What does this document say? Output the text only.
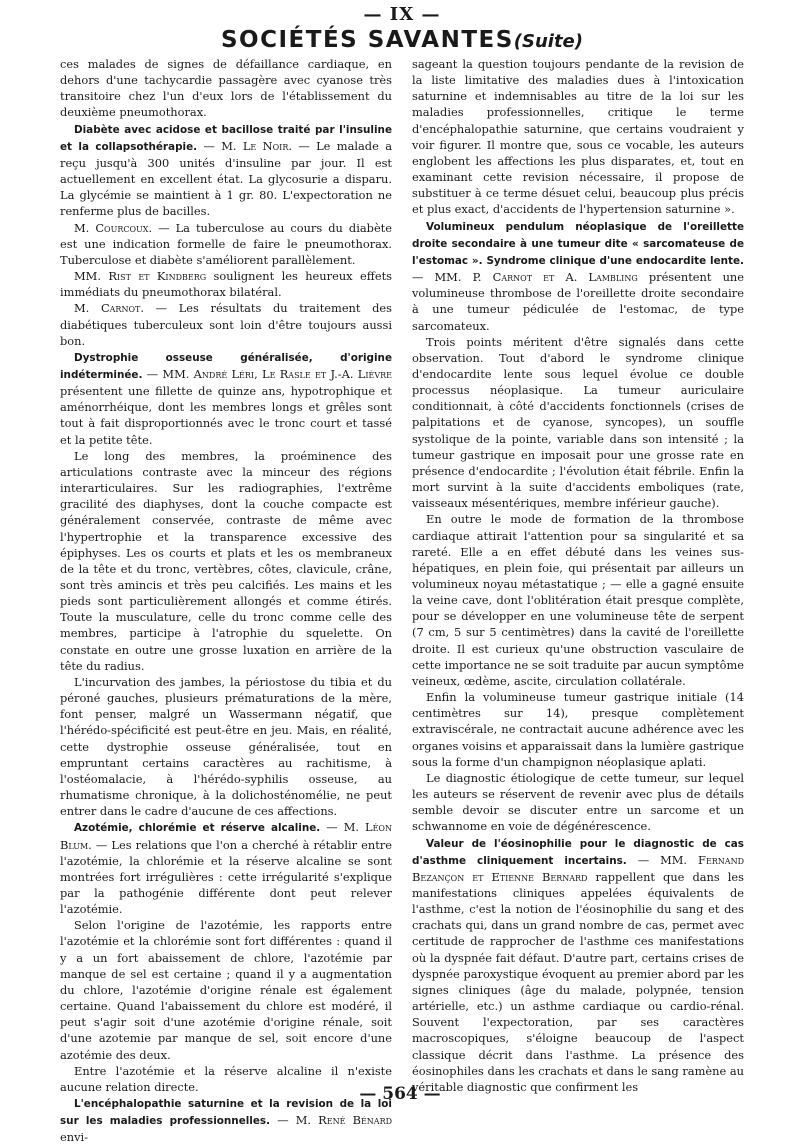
— IX —
SOCIÉTÉS SAVANTES(Suite)

ces malades de signes de défaillance cardiaque, en dehors d'une tachycardie passagère avec cyanose très transitoire chez l'un d'eux lors de l'établissement du deuxième pneumothorax.

Diabète avec acidose et bacillose traité par l'insuline et la collapsothérapie. — M. Le Noir. — Le malade a reçu jusqu'à 300 unités d'insuline par jour. Il est actuellement en excellent état. La glycosurie a disparu. La glycémie se maintient à 1 gr. 80. L'expectoration ne renferme plus de bacilles.

M. Courcoux. — La tuberculose au cours du diabète est une indication formelle de faire le pneumothorax. Tuberculose et diabète s'améliorent parallèlement.

MM. Rist et Kindberg soulignent les heureux effets immédiats du pneumothorax bilatéral.

M. Carnot. — Les résultats du traitement des diabétiques tuberculeux sont loin d'être toujours aussi bon.

Dystrophie osseuse généralisée, d'origine indéterminée. — MM. André Léri, Le Rasle et J.-A. Lièvre présentent une fillette de quinze ans, hypotrophique et aménorrhéique, dont les membres longs et grêles sont tout à fait disproportionnés avec le tronc court et tassé et la petite tête.

Le long des membres, la proéminence des articulations contraste avec la minceur des régions interarticulaires. Sur les radiographies, l'extrême gracilité des diaphyses, dont la couche compacte est généralement conservée, contraste de même avec l'hypertrophie et la transparence excessive des épiphyses. Les os courts et plats et les os membraneux de la tête et du tronc, vertèbres, côtes, clavicule, crâne, sont très amincis et très peu calcifiés. Les mains et les pieds sont particulièrement allongés et comme étirés. Toute la musculature, celle du tronc comme celle des membres, participe à l'atrophie du squelette. On constate en outre une grosse luxation en arrière de la tête du radius.

L'incurvation des jambes, la périostose du tibia et du péroné gauches, plusieurs prématurations de la mère, font penser, malgré un Wassermann négatif, que l'hérédo-spécificité est peut-être en jeu. Mais, en réalité, cette dystrophie osseuse généralisée, tout en empruntant certains caractères au rachitisme, à l'ostéomalacie, à l'hérédo-syphilis osseuse, au rhumatisme chronique, à la dolichosténomélie, ne peut entrer dans le cadre d'aucune de ces affections.

Azotémie, chlorémie et réserve alcaline. — M. Léon Blum. — Les relations que l'on a cherché à rétablir entre l'azotémie, la chlorémie et la réserve alcaline se sont montrées fort irrégulières : cette irrégularité s'explique par la pathogénie différente dont peut relever l'azotémie.

Selon l'origine de l'azotémie, les rapports entre l'azotémie et la chlorémie sont fort différentes : quand il y a un fort abaissement de chlore, l'azotémie par manque de sel est certaine ; quand il y a augmentation du chlore, l'azotémie d'origine rénale est également certaine. Quand l'abaissement du chlore est modéré, il peut s'agir soit d'une azotémie d'origine rénale, soit d'une azotemie par manque de sel, soit encore d'une azotémie des deux.

Entre l'azotémie et la réserve alcaline il n'existe aucune relation directe.

L'encéphalopathie saturnine et la revision de la loi sur les maladies professionnelles. — M. René Bénard envi-

sageant la question toujours pendante de la revision de la liste limitative des maladies dues à l'intoxication saturnine et indemnisables au titre de la loi sur les maladies professionnelles, critique le terme d'encéphalopathie saturnine, que certains voudraient y voir figurer. Il montre que, sous ce vocable, les auteurs englobent les affections les plus disparates, et, tout en examinant cette revision nécessaire, il propose de substituer à ce terme désuet celui, beaucoup plus précis et plus exact, d'accidents de l'hypertension saturnine ».

Volumineux pendulum néoplasique de l'oreillette droite secondaire à une tumeur dite « sarcomateuse de l'estomac ». Syndrome clinique d'une endocardite lente. — MM. P. Carnot et A. Lambling présentent une volumineuse thrombose de l'oreillette droite secondaire à une tumeur pédiculée de l'estomac, de type sarcomateux.

Trois points méritent d'être signalés dans cette observation. Tout d'abord le syndrome clinique d'endocardite lente sous lequel évolue ce double processus néoplasique. La tumeur auriculaire conditionnait, à côté d'accidents fonctionnels (crises de palpitations et de cyanose, syncopes), un souffle systolique de la pointe, variable dans son intensité ; la tumeur gastrique en imposait pour une grosse rate en présence d'endocardite ; l'évolution était fébrile. Enfin la mort survint à la suite d'accidents emboliques (rate, vaisseaux mésentériques, membre inférieur gauche).

En outre le mode de formation de la thrombose cardiaque attirait l'attention pour sa singularité et sa rareté. Elle a en effet débuté dans les veines sus-hépatiques, en plein foie, qui présentait par ailleurs un volumineux noyau métastatique ; — elle a gagné ensuite la veine cave, dont l'oblitération était presque complète, pour se développer en une volumineuse tête de serpent (7 cm, 5 sur 5 centimètres) dans la cavité de l'oreillette droite. Il est curieux qu'une obstruction vasculaire de cette importance ne se soit traduite par aucun symptôme veineux, œdème, ascite, circulation collatérale.

Enfin la volumineuse tumeur gastrique initiale (14 centimètres sur 14), presque complètement extraviscérale, ne contractait aucune adhérence avec les organes voisins et apparaissait dans la lumière gastrique sous la forme d'un champignon néoplasique aplati.

Le diagnostic étiologique de cette tumeur, sur lequel les auteurs se réservent de revenir avec plus de détails semble devoir se discuter entre un sarcome et un schwannome en voie de dégénérescence.

Valeur de l'éosinophilie pour le diagnostic de cas d'asthme cliniquement incertains. — MM. Fernand Bezançon et Etienne Bernard rappellent que dans les manifestations cliniques appelées équivalents de l'asthme, c'est la notion de l'éosinophilie du sang et des crachats qui, dans un grand nombre de cas, permet avec certitude de rapprocher de l'asthme ces manifestations où la dyspnée fait défaut. D'autre part, certains crises de dyspnée paroxystique évoquent au premier abord par les signes cliniques (âge du malade, polypnée, tension artérielle, etc.) un asthme cardiaque ou cardio-rénal. Souvent l'expectoration, par ses caractères macroscopiques, s'éloigne beaucoup de l'aspect classique décrit dans l'asthme. La présence des éosinophiles dans les crachats et dans le sang ramène au véritable diagnostic que confirment les

— 564 —
